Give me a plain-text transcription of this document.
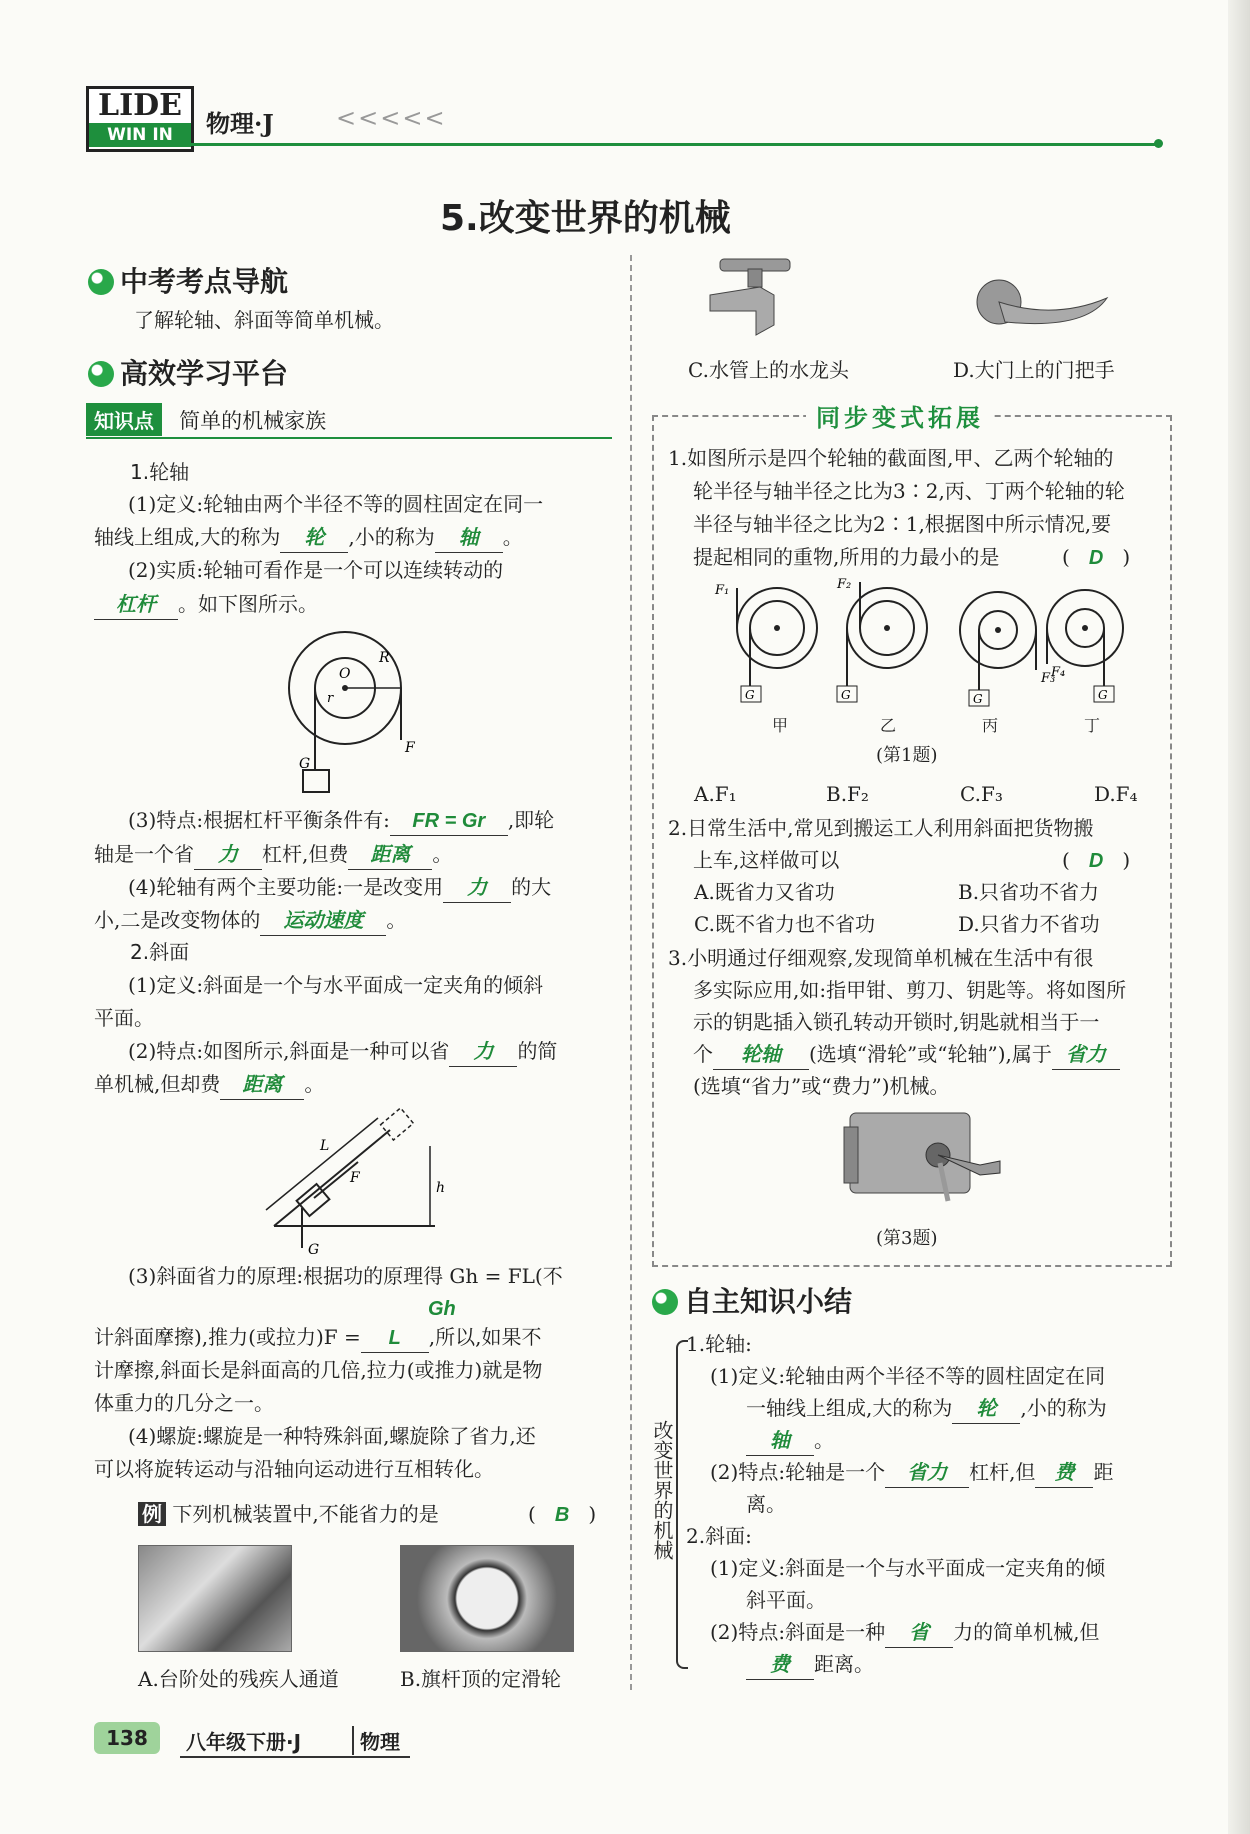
LIDE
WIN IN	物理·J	<<<<<
5.改变世界的机械
中考考点导航
了解轮轴、斜面等简单机械。
高效学习平台
知识点 简单的机械家族
1.轮轴
(1)定义:轮轴由两个半径不等的圆柱固定在同一
轴线上组成,大的称为 轮 ,小的称为 轴 。
(2)实质:轮轴可看作是一个可以连续转动的
杠杆 。如下图所示。
O
R
r
F
G
(3)特点:根据杠杆平衡条件有: FR = Gr ,即轮
轴是一个省 力 杠杆,但费 距离 。
(4)轮轴有两个主要功能:一是改变用 力 的大
小,二是改变物体的 运动速度 。
2.斜面
(1)定义:斜面是一个与水平面成一定夹角的倾斜
平面。
(2)特点:如图所示,斜面是一种可以省 力 的简
单机械,但却费 距离 。
L
F
h
G
(3)斜面省力的原理:根据功的原理得 Gh = FL(不
Gh
计斜面摩擦),推力(或拉力)F = L ,所以,如果不
计摩擦,斜面长是斜面高的几倍,拉力(或推力)就是物
体重力的几分之一。
(4)螺旋:螺旋是一种特殊斜面,螺旋除了省力,还
可以将旋转运动与沿轴向运动进行互相转化。
例 下列机械装置中,不能省力的是	(   B   )
A.台阶处的残疾人通道	B.旗杆顶的定滑轮
C.水管上的水龙头	D.大门上的门把手
同步变式拓展
1.如图所示是四个轮轴的截面图,甲、乙两个轮轴的
轮半径与轴半径之比为3∶2,丙、丁两个轮轴的轮
半径与轴半径之比为2∶1,根据图中所示情况,要
提起相同的重物,所用的力最小的是	(   D   )
G
F₁
G
F₂
G
F₃
G
F₄
甲	乙	丙	丁
(第1题)
A.F₁	B.F₂	C.F₃	D.F₄
2.日常生活中,常见到搬运工人利用斜面把货物搬
上车,这样做可以	(   D   )
A.既省力又省功	B.只省功不省力
C.既不省力也不省功	D.只省力不省功
3.小明通过仔细观察,发现简单机械在生活中有很
多实际应用,如:指甲钳、剪刀、钥匙等。将如图所
示的钥匙插入锁孔转动开锁时,钥匙就相当于一
个 轮轴 (选填“滑轮”或“轮轴”),属于 省力
(选填“省力”或“费力”)机械。
(第3题)
自主知识小结
改变世界的机械
1.轮轴:
(1)定义:轮轴由两个半径不等的圆柱固定在同
一轴线上组成,大的称为 轮 ,小的称为
轴 。
(2)特点:轮轴是一个 省力 杠杆,但 费 距
离。
2.斜面:
(1)定义:斜面是一个与水平面成一定夹角的倾
斜平面。
(2)特点:斜面是一种 省 力的简单机械,但
费 距离。
138	八年级下册·J	物理
